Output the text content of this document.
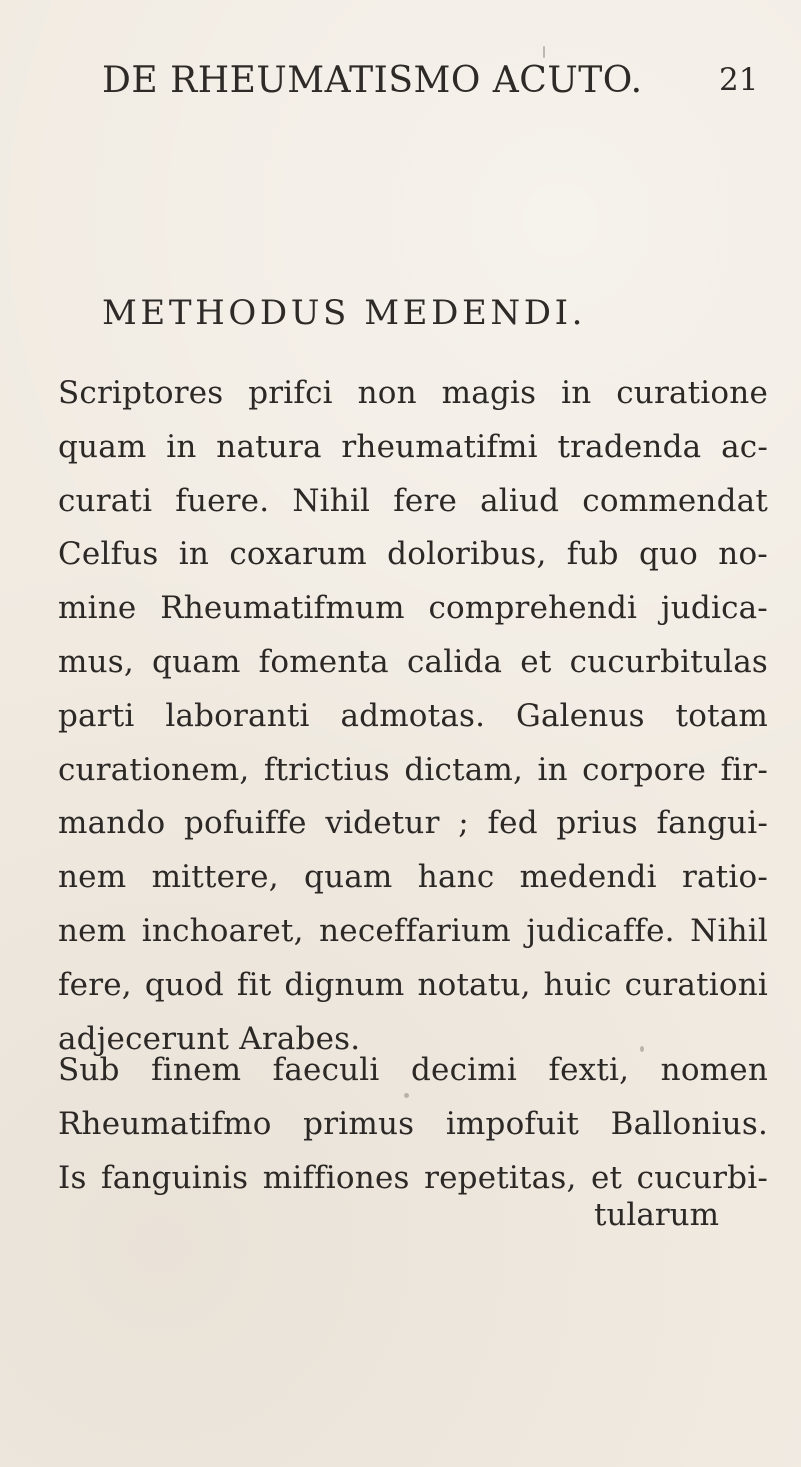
DE RHEUMATISMO ACUTO. 21
METHODUS MEDENDI.
Scriptores prifci non magis in curatione
quam in natura rheumatifmi tradenda ac-
curati fuere. Nihil fere aliud commendat
Celfus in coxarum doloribus, fub quo no-
mine Rheumatifmum comprehendi judica-
mus, quam fomenta calida et cucurbitulas
parti laboranti admotas. Galenus totam
curationem, ftrictius dictam, in corpore fir-
mando pofuiffe videtur ; fed prius fangui-
nem mittere, quam hanc medendi ratio-
nem inchoaret, neceffarium judicaffe. Nihil
fere, quod fit dignum notatu, huic curationi
adjecerunt Arabes.
Sub finem faeculi decimi fexti, nomen
Rheumatifmo primus impofuit Ballonius.
Is fanguinis miffiones repetitas, et cucurbi-
tularum
